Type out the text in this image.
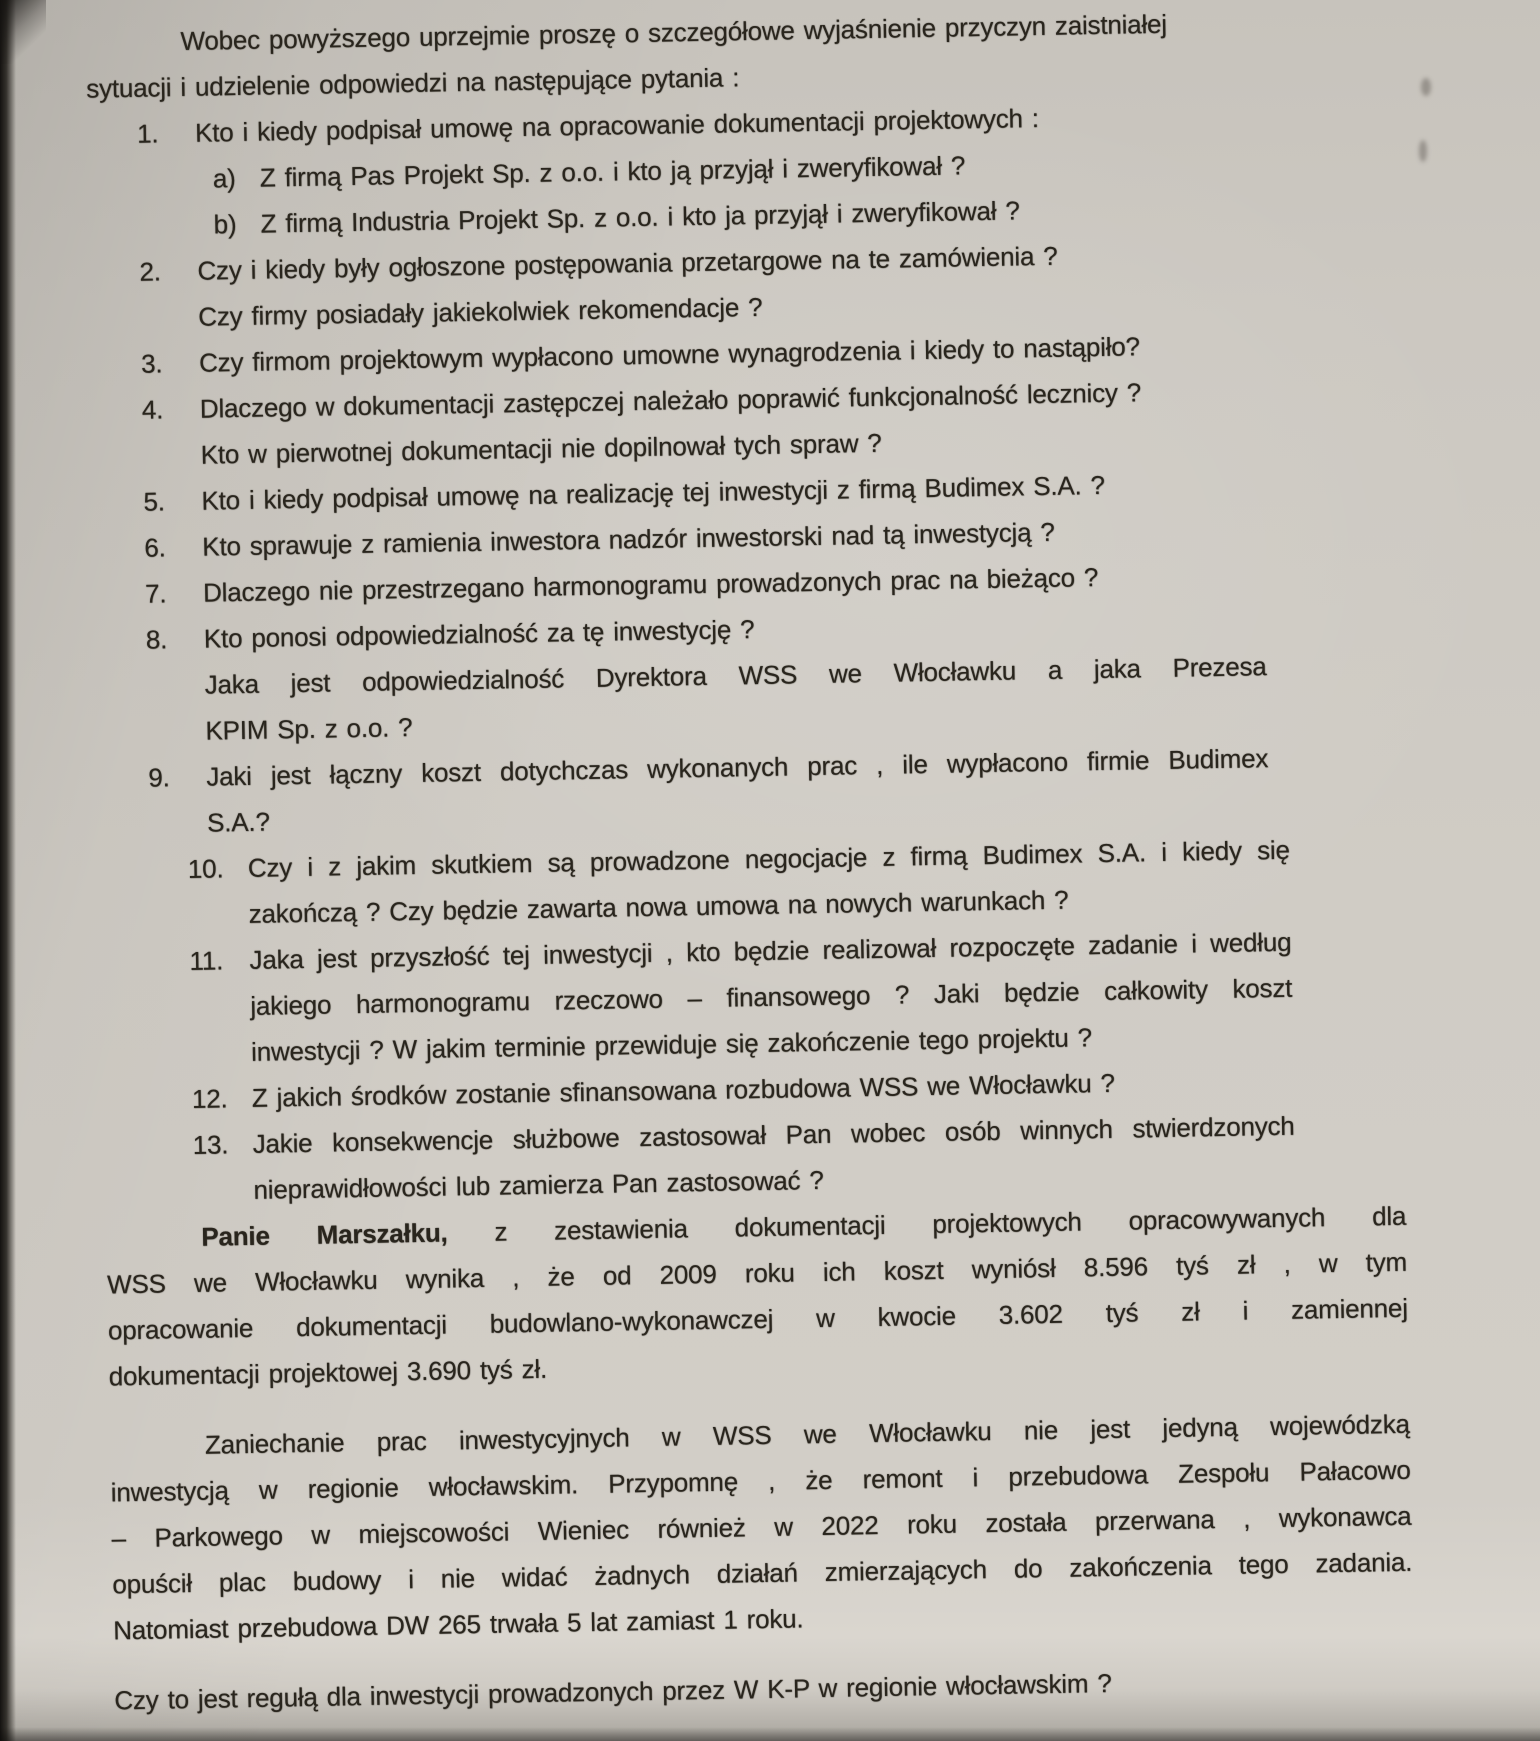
Wobec powyższego uprzejmie proszę o szczegółowe wyjaśnienie przyczyn zaistniałej
sytuacji i udzielenie odpowiedzi na następujące pytania :

1. Kto i kiedy podpisał umowę na opracowanie dokumentacji projektowych :
a) Z firmą Pas Projekt Sp. z o.o. i kto ją przyjął i zweryfikował ?
b) Z firmą Industria Projekt Sp. z o.o. i kto ja przyjął i zweryfikował ?
2. Czy i kiedy były ogłoszone postępowania przetargowe na te zamówienia ?
Czy firmy posiadały jakiekolwiek rekomendacje ?
3. Czy firmom projektowym wypłacono umowne wynagrodzenia i kiedy to nastąpiło?
4. Dlaczego w dokumentacji zastępczej należało poprawić funkcjonalność lecznicy ?
Kto w pierwotnej dokumentacji nie dopilnował tych spraw ?
5. Kto i kiedy podpisał umowę na realizację tej inwestycji z firmą Budimex S.A. ?
6. Kto sprawuje z ramienia inwestora nadzór inwestorski nad tą inwestycją ?
7. Dlaczego nie przestrzegano harmonogramu prowadzonych prac na bieżąco ?
8. Kto ponosi odpowiedzialność za tę inwestycję ?
Jaka jest odpowiedzialność Dyrektora WSS we Włocławku a jaka Prezesa
KPIM Sp. z o.o. ?
9. Jaki jest łączny koszt dotychczas wykonanych prac , ile wypłacono firmie Budimex
S.A.?
10. Czy i z jakim skutkiem są prowadzone negocjacje z firmą Budimex S.A. i kiedy się
zakończą ? Czy będzie zawarta nowa umowa na nowych warunkach ?
11. Jaka jest przyszłość tej inwestycji , kto będzie realizował rozpoczęte zadanie i według
jakiego harmonogramu rzeczowo – finansowego ? Jaki będzie całkowity koszt
inwestycji ? W jakim terminie przewiduje się zakończenie tego projektu ?
12. Z jakich środków zostanie sfinansowana rozbudowa WSS we Włocławku ?
13. Jakie konsekwencje służbowe zastosował Pan wobec osób winnych stwierdzonych
nieprawidłowości lub zamierza Pan zastosować ?

Panie Marszałku, z zestawienia dokumentacji projektowych opracowywanych dla
WSS we Włocławku wynika , że od 2009 roku ich koszt wyniósł 8.596 tyś zł , w tym
opracowanie dokumentacji budowlano-wykonawczej w kwocie 3.602 tyś zł i zamiennej
dokumentacji projektowej 3.690 tyś zł.

Zaniechanie prac inwestycyjnych w WSS we Włocławku nie jest jedyną wojewódzką
inwestycją w regionie włocławskim. Przypomnę , że remont i przebudowa Zespołu Pałacowo
– Parkowego w miejscowości Wieniec również w 2022 roku została przerwana , wykonawca
opuścił plac budowy i nie widać żadnych działań zmierzających do zakończenia tego zadania.
Natomiast przebudowa DW 265 trwała 5 lat zamiast 1 roku.

Czy to jest regułą dla inwestycji prowadzonych przez W K-P w regionie włocławskim ?
